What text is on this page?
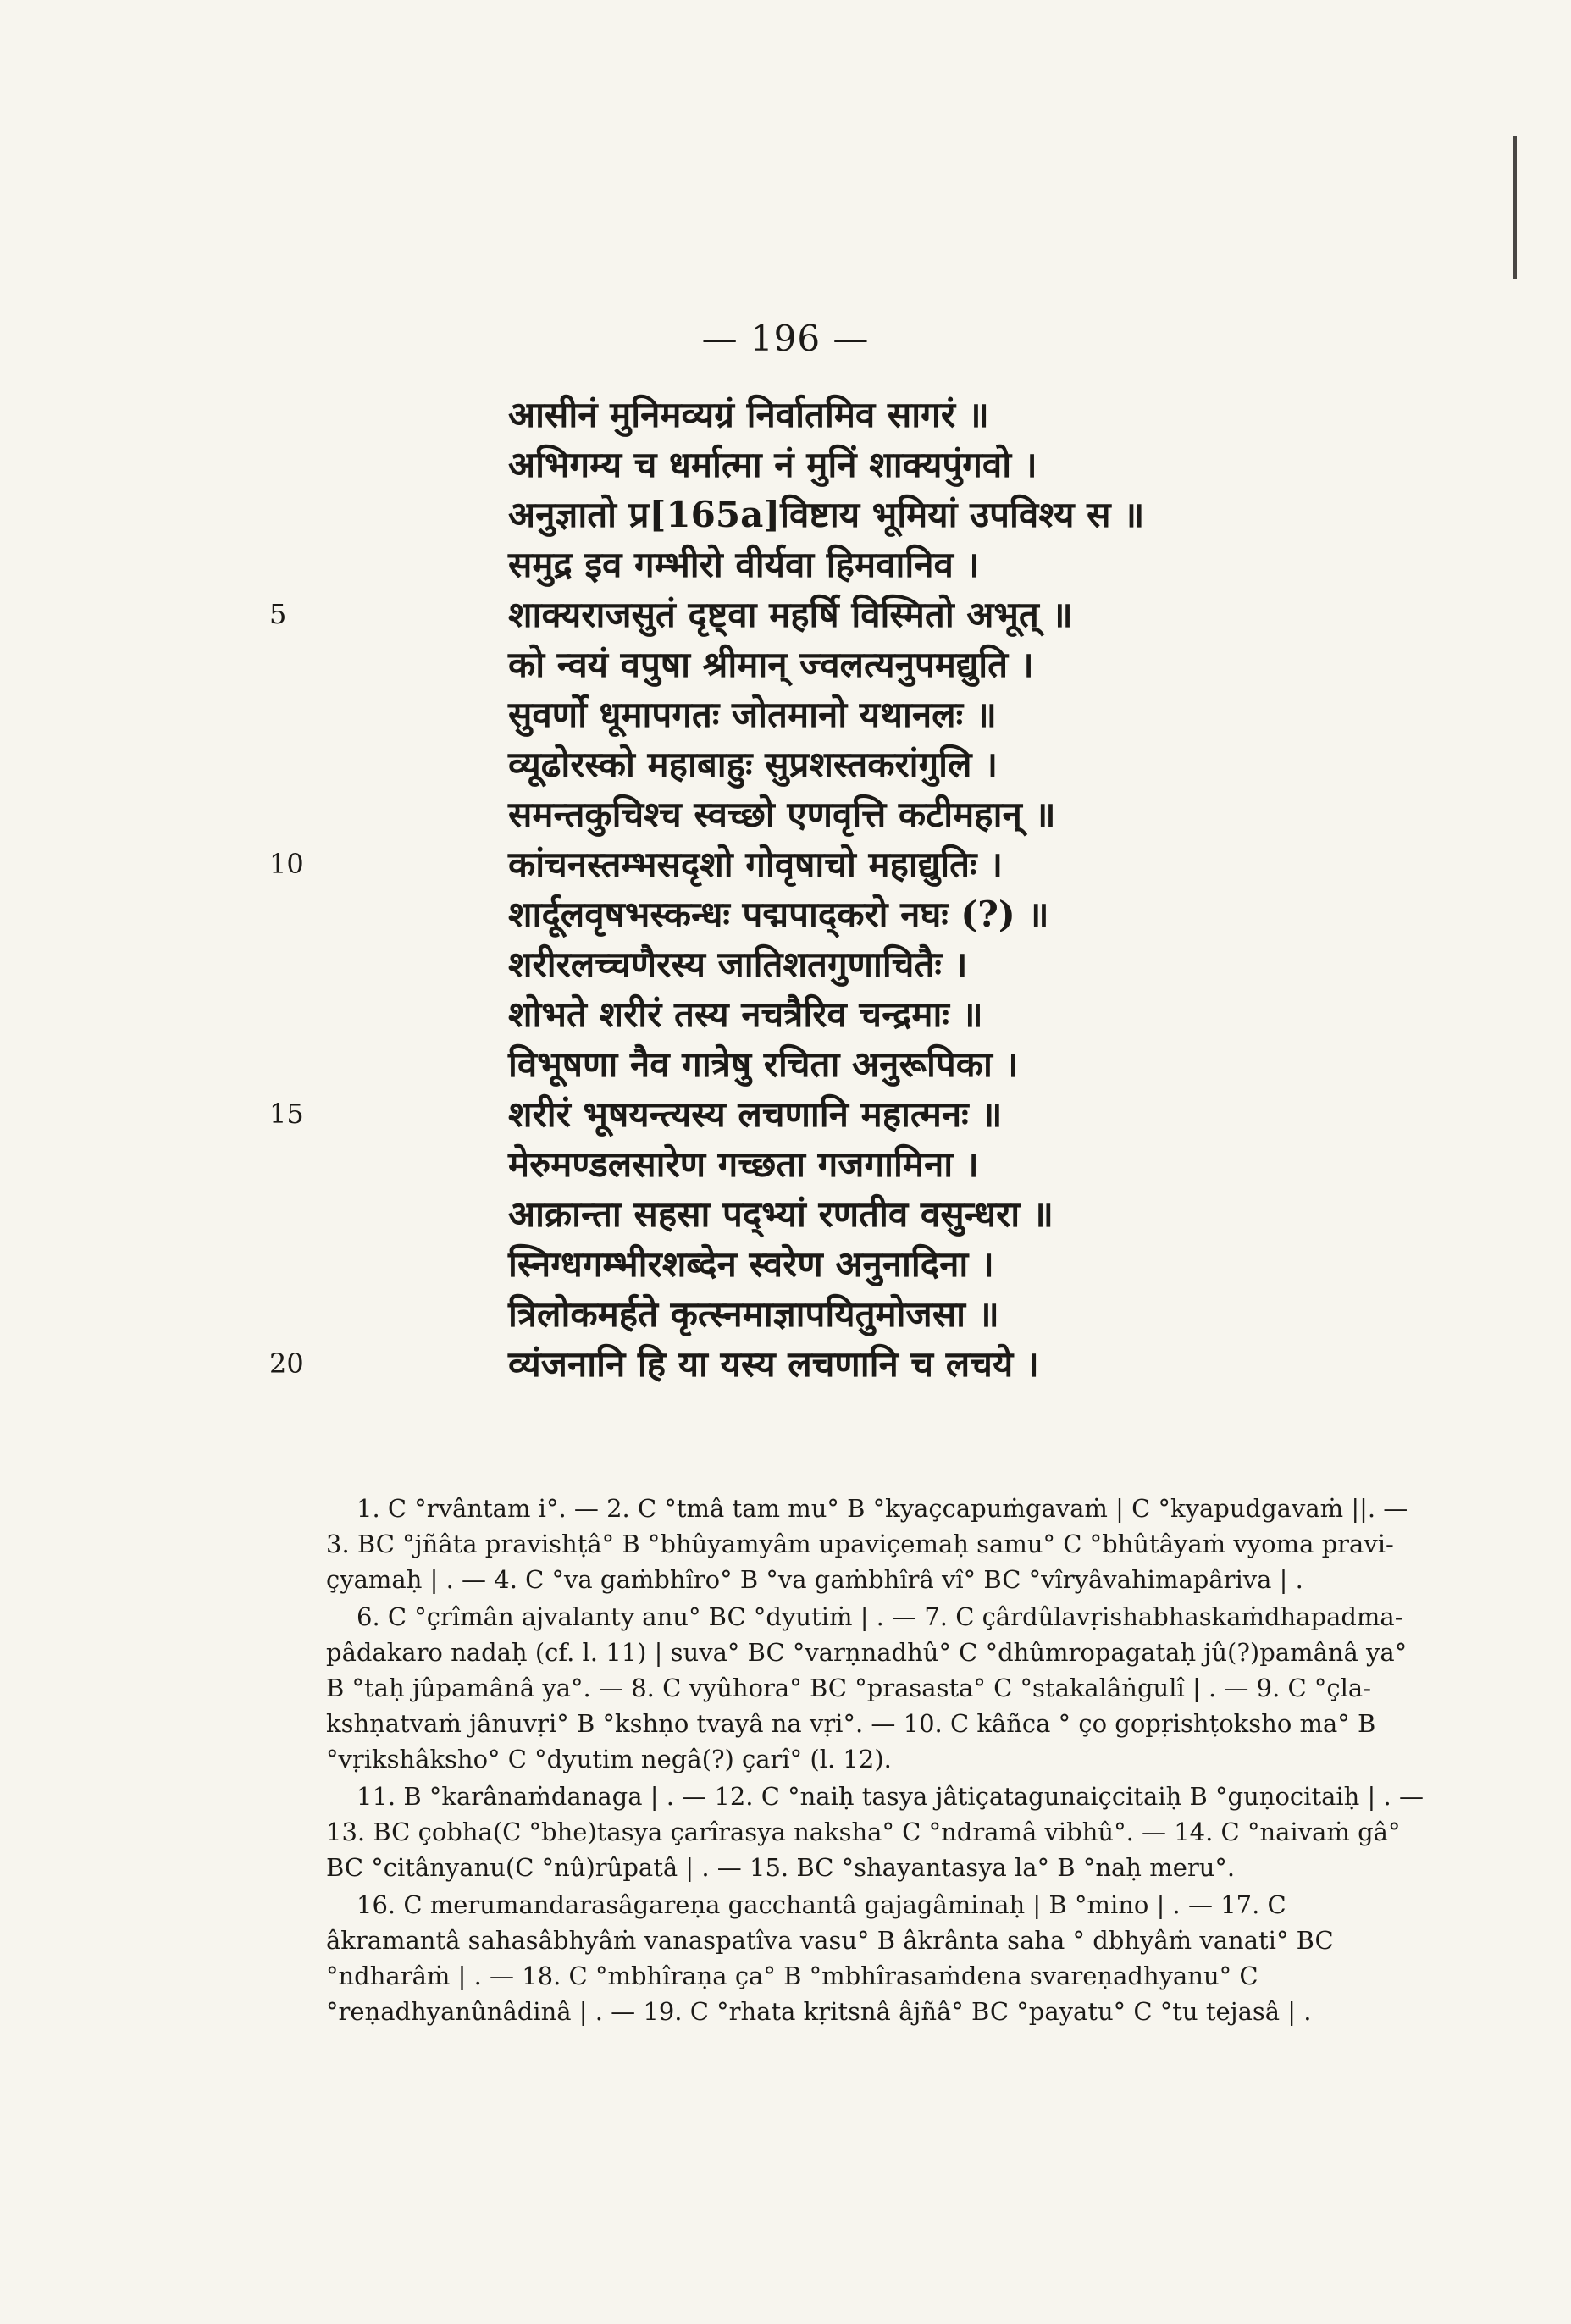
— 196 —
5
10
15
20
आसीनं मुनिमव्यग्रं निर्वातमिव सागरं ॥
अभिगम्य च धर्मात्मा नं मुनिं शाक्यपुंगवो ।
अनुज्ञातो प्र[165a]विष्टाय भूमियां उपविश्य स ॥
समुद्र इव गम्भीरो वीर्यवा हिमवानिव ।
शाक्यराजसुतं दृष्ट्वा महर्षि विस्मितो अभूत् ॥
को न्वयं वपुषा श्रीमान् ज्वलत्यनुपमद्युति ।
सुवर्णो धूमापगतः जोतमानो यथानलः ॥
व्यूढोरस्को महाबाहुः सुप्रशस्तकरांगुलि ।
समन्तकुचिश्च स्वच्छो एणवृत्ति कटीमहान् ॥
कांचनस्तम्भसदृशो गोवृषाचो महाद्युतिः ।
शार्दूलवृषभस्कन्धः पद्मपाद्करो नघः (?) ॥
शरीरलच्चणैरस्य जातिशतगुणाचितैः ।
शोभते शरीरं तस्य नचत्रैरिव चन्द्रमाः ॥
विभूषणा नैव गात्रेषु रचिता अनुरूपिका ।
शरीरं भूषयन्त्यस्य लचणानि महात्मनः ॥
मेरुमण्डलसारेण गच्छता गजगामिना ।
आक्रान्ता सहसा पद्भ्यां रणतीव वसुन्धरा ॥
स्निग्धगम्भीरशब्देन स्वरेण अनुनादिना ।
त्रिलोकमर्हते कृत्स्नमाज्ञापयितुमोजसा ॥
व्यंजनानि हि या यस्य लचणानि च लचये ।

1. C °rvântam i°. — 2. C °tmâ tam mu° B °kyaçcapuṁgavaṁ | C °kyapudgavaṁ ||. — 3. BC °jñâta pravishṭâ° B °bhûyamyâm upaviçemaḥ samu° C °bhûtâyaṁ vyoma pravi-çyamaḥ | . — 4. C °va gaṁbhîro° B °va gaṁbhîrâ vî° BC °vîryâvahimapâriva | .

6. C °çrîmân ajvalanty anu° BC °dyutiṁ | . — 7. C çârdûlavṛishabhaskaṁdhapadma-pâdakaro nadaḥ (cf. l. 11) | suva° BC °varṇnadhû° C °dhûmropagataḥ jû(?)pamânâ ya° B °taḥ jûpamânâ ya°. — 8. C vyûhora° BC °prasasta° C °stakalâṅgulî | . — 9. C °çla-kshṇatvaṁ jânuvṛi° B °kshṇo tvayâ na vṛi°. — 10. C kâñca ° ço gopṛishṭoksho ma° B °vṛikshâksho° C °dyutim negâ(?) çarî° (l. 12).

11. B °karânaṁdanaga | . — 12. C °naiḥ tasya jâtiçatagunaiçcitaiḥ B °guṇocitaiḥ | . — 13. BC çobha(C °bhe)tasya çarîrasya naksha° C °ndramâ vibhû°. — 14. C °naivaṁ gâ° BC °citânyanu(C °nû)rûpatâ | . — 15. BC °shayantasya la° B °naḥ meru°.

16. C merumandarasâgareṇa gacchantâ gajagâminaḥ | B °mino | . — 17. C âkramantâ sahasâbhyâṁ vanaspatîva vasu° B âkrânta saha ° dbhyâṁ vanati° BC °ndharâṁ | . — 18. C °mbhîraṇa ça° B °mbhîrasaṁdena svareṇadhyanu° C °reṇadhyanûnâdinâ | . — 19. C °rhata kṛitsnâ âjñâ° BC °payatu° C °tu tejasâ | .
